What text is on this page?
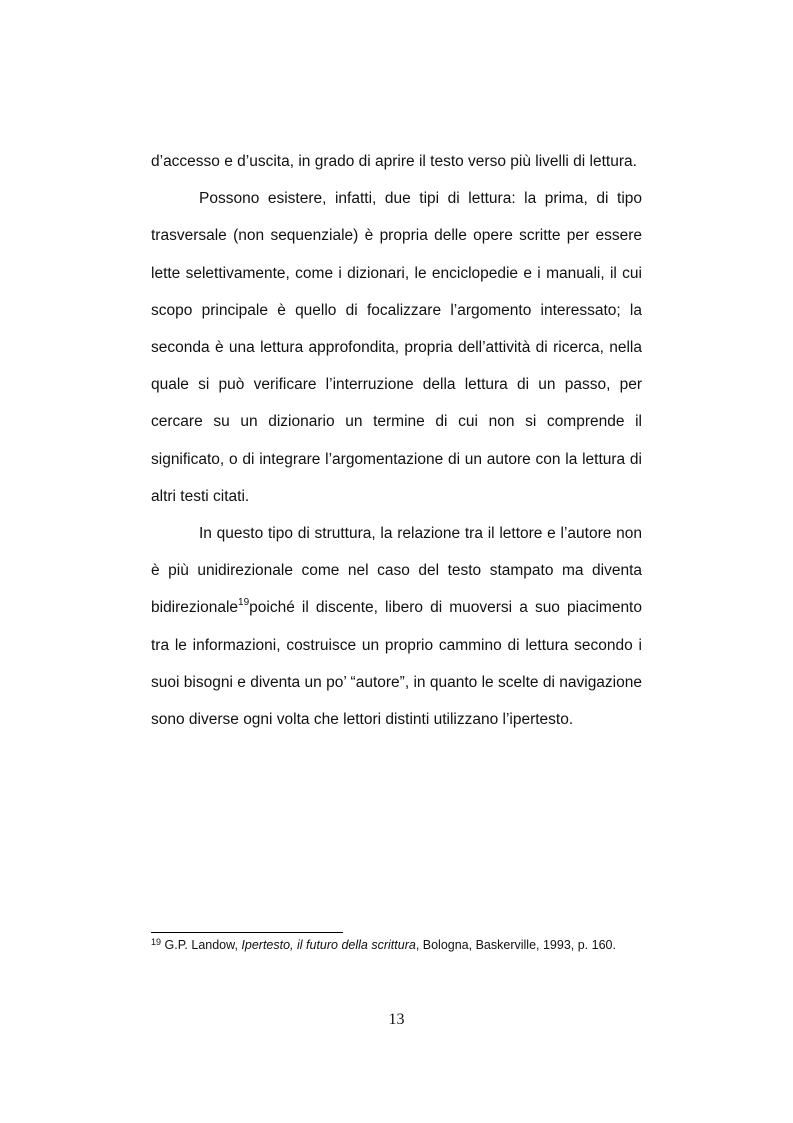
d’accesso e d’uscita, in grado di aprire il testo verso più livelli di lettura.

Possono esistere, infatti, due tipi di lettura: la prima, di tipo trasversale (non sequenziale) è propria delle opere scritte per essere lette selettivamente, come i dizionari, le enciclopedie e i manuali, il cui scopo principale è quello di focalizzare l’argomento interessato; la seconda è una lettura approfondita, propria dell’attività di ricerca, nella quale si può verificare l’interruzione della lettura di un passo, per cercare su un dizionario un termine di cui non si comprende il significato, o di integrare l’argomentazione di un autore con la lettura di altri testi citati.

In questo tipo di struttura, la relazione tra il lettore e l’autore non è più unidirezionale come nel caso del testo stampato ma diventa bidirezionale$^{19}$poiché il discente, libero di muoversi a suo piacimento tra le informazioni, costruisce un proprio cammino di lettura secondo i suoi bisogni e diventa un po’ “autore”, in quanto le scelte di navigazione sono diverse ogni volta che lettori distinti utilizzano l’ipertesto.

$^{19}$ G.P. Landow, Ipertesto, il futuro della scrittura, Bologna, Baskerville, 1993, p. 160.
13
